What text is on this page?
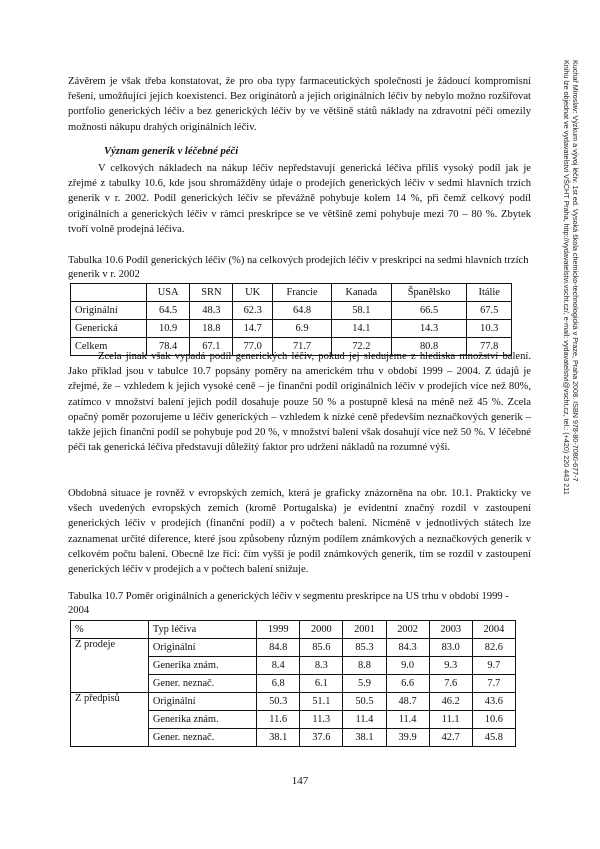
Závěrem je však třeba konstatovat, že pro oba typy farmaceutických společností je žádoucí kompromisní řešení, umožňující jejich koexistenci. Bez originátorů a jejich originálních léčiv by nebylo možno rozšiřovat portfolio generických léčiv a bez generických léčiv by ve většině států náklady na zdravotní péči omezily možnosti nákupu drahých originálních léčiv.

Význam generik v léčebné péči

V celkových nákladech na nákup léčiv nepředstavují generická léčiva příliš vysoký podíl jak je zřejmé z tabulky 10.6, kde jsou shromážděny údaje o prodejích generických léčiv v sedmi hlavních trzích generik v r. 2002. Podíl generických léčiv se převážně pohybuje kolem 14 %, při čemž celkový podíl originálních a generických léčiv v rámci preskripce se ve většině zemí pohybuje mezi 70 – 80 %. Zbytek tvoří volně prodejná léčiva.

Tabulka 10.6 Podíl generických léčiv (%) na celkových prodejích léčiv v preskripci na sedmi hlavních trzích generik v r. 2002

	USA	SRN	UK	Francie	Kanada	Španělsko	Itálie
Originální	64.5	48.3	62.3	64.8	58.1	66.5	67.5
Generická	10.9	18.8	14.7	6.9	14.1	14.3	10.3
Celkem	78.4	67.1	77.0	71.7	72.2	80.8	77.8

Zcela jinak však vypadá podíl generických léčiv, pokud jej sledujeme z hlediska množství balení. Jako příklad jsou v tabulce 10.7 popsány poměry na americkém trhu v období 1999 – 2004. Z údajů je zřejmé, že – vzhledem k jejich vysoké ceně – je finanční podíl originálních léčiv v prodejích více než 80%, zatímco v množství balení jejich podíl dosahuje pouze 50 % a postupně klesá na méně než 45 %. Zcela opačný poměr pozorujeme u léčiv generických – vzhledem k nízké ceně především neznačkových generik – takže jejich finanční podíl se pohybuje pod 20 %, v množství balení však dosahují více než 50 %. V léčebné péči tak generická léčiva představují důležitý faktor pro udržení nákladů na rozumné výši.

Obdobná situace je rovněž v evropských zemích, která je graficky znázorněna na obr. 10.1. Prakticky ve všech uvedených evropských zemích (kromě Portugalska) je evidentní značný rozdíl v zastoupení generických léčiv v prodejích (finanční podíl) a v počtech balení. Nicméně v jednotlivých státech lze zaznamenat určité diference, které jsou způsobeny různým podílem známkových a neznačkových generik v celkovém počtu balení. Obecně lze říci: čím vyšší je podíl známkových generik, tím se rozdíl v zastoupení generických léčiv v prodejích a v počtech balení snižuje.

Tabulka 10.7 Poměr originálních a generických léčiv v segmentu preskripce na US trhu v období 1999 - 2004

%	Typ léčiva	1999	2000	2001	2002	2003	2004
Z prodeje	Originální	84.8	85.6	85.3	84.3	83.0	82.6
	Generika znám.	8.4	8.3	8.8	9.0	9.3	9.7
	Gener. neznač.	6.8	6.1	5.9	6.6	7.6	7.7
Z předpisů	Originální	50.3	51.1	50.5	48.7	46.2	43.6
	Generika znám.	11.6	11.3	11.4	11.4	11.1	10.6
	Gener. neznač.	38.1	37.6	38.1	39.9	42.7	45.8
Kuchař Miroslav: Výzkum a vývoj léčiv. 1st ed. Vysoká škola chemicko-technologická v Praze, Praha 2008. ISBN 978-80-7080-677-7
Knihu lze objednat ve vydavatelství VŠCHT Praha, http://vydavatelstvi.vscht.cz/, e-mail: vydavatelstvi@vscht.cz, tel.: (+420) 220 443 211
147
